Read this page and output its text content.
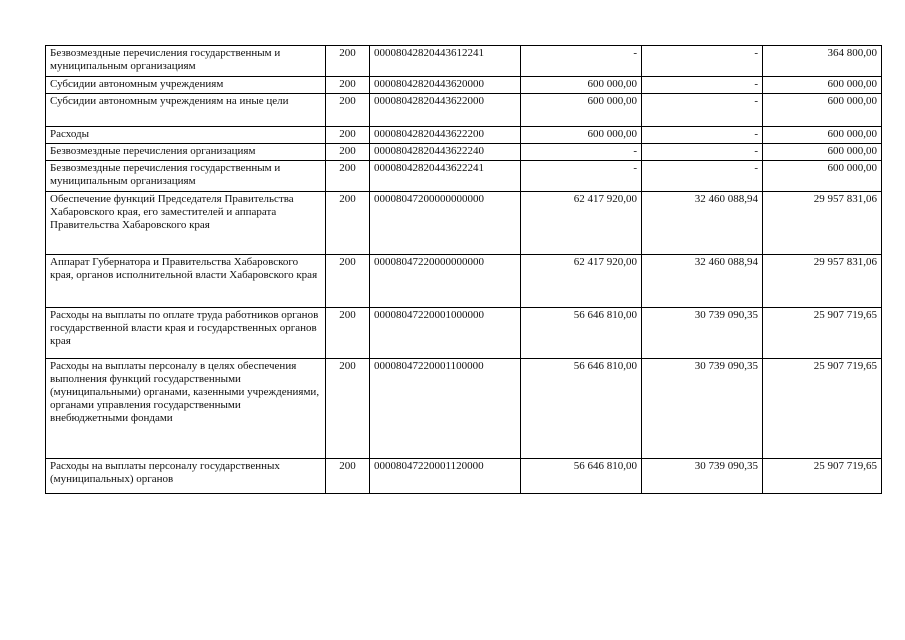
Безвозмездные перечисления государственным и муниципальным организациям	200	00008042820443612241	-	-	364 800,00
Субсидии автономным учреждениям	200	00008042820443620000	600 000,00	-	600 000,00
Субсидии автономным учреждениям на иные цели	200	00008042820443622000	600 000,00	-	600 000,00
Расходы	200	00008042820443622200	600 000,00	-	600 000,00
Безвозмездные перечисления организациям	200	00008042820443622240	-	-	600 000,00
Безвозмездные перечисления государственным и муниципальным организациям	200	00008042820443622241	-	-	600 000,00
Обеспечение функций Председателя Правительства Хабаровского края, его заместителей и аппарата Правительства Хабаровского края	200	00008047200000000000	62 417 920,00	32 460 088,94	29 957 831,06
Аппарат Губернатора и Правительства Хабаровского края, органов исполнительной власти Хабаровского края	200	00008047220000000000	62 417 920,00	32 460 088,94	29 957 831,06
Расходы на выплаты по оплате труда работников органов государственной власти края и государственных органов края	200	00008047220001000000	56 646 810,00	30 739 090,35	25 907 719,65
Расходы на выплаты персоналу в целях обеспечения выполнения функций государственными (муниципальными) органами, казенными учреждениями, органами управления государственными внебюджетными фондами	200	00008047220001100000	56 646 810,00	30 739 090,35	25 907 719,65
Расходы на выплаты персоналу государственных (муниципальных) органов	200	00008047220001120000	56 646 810,00	30 739 090,35	25 907 719,65
